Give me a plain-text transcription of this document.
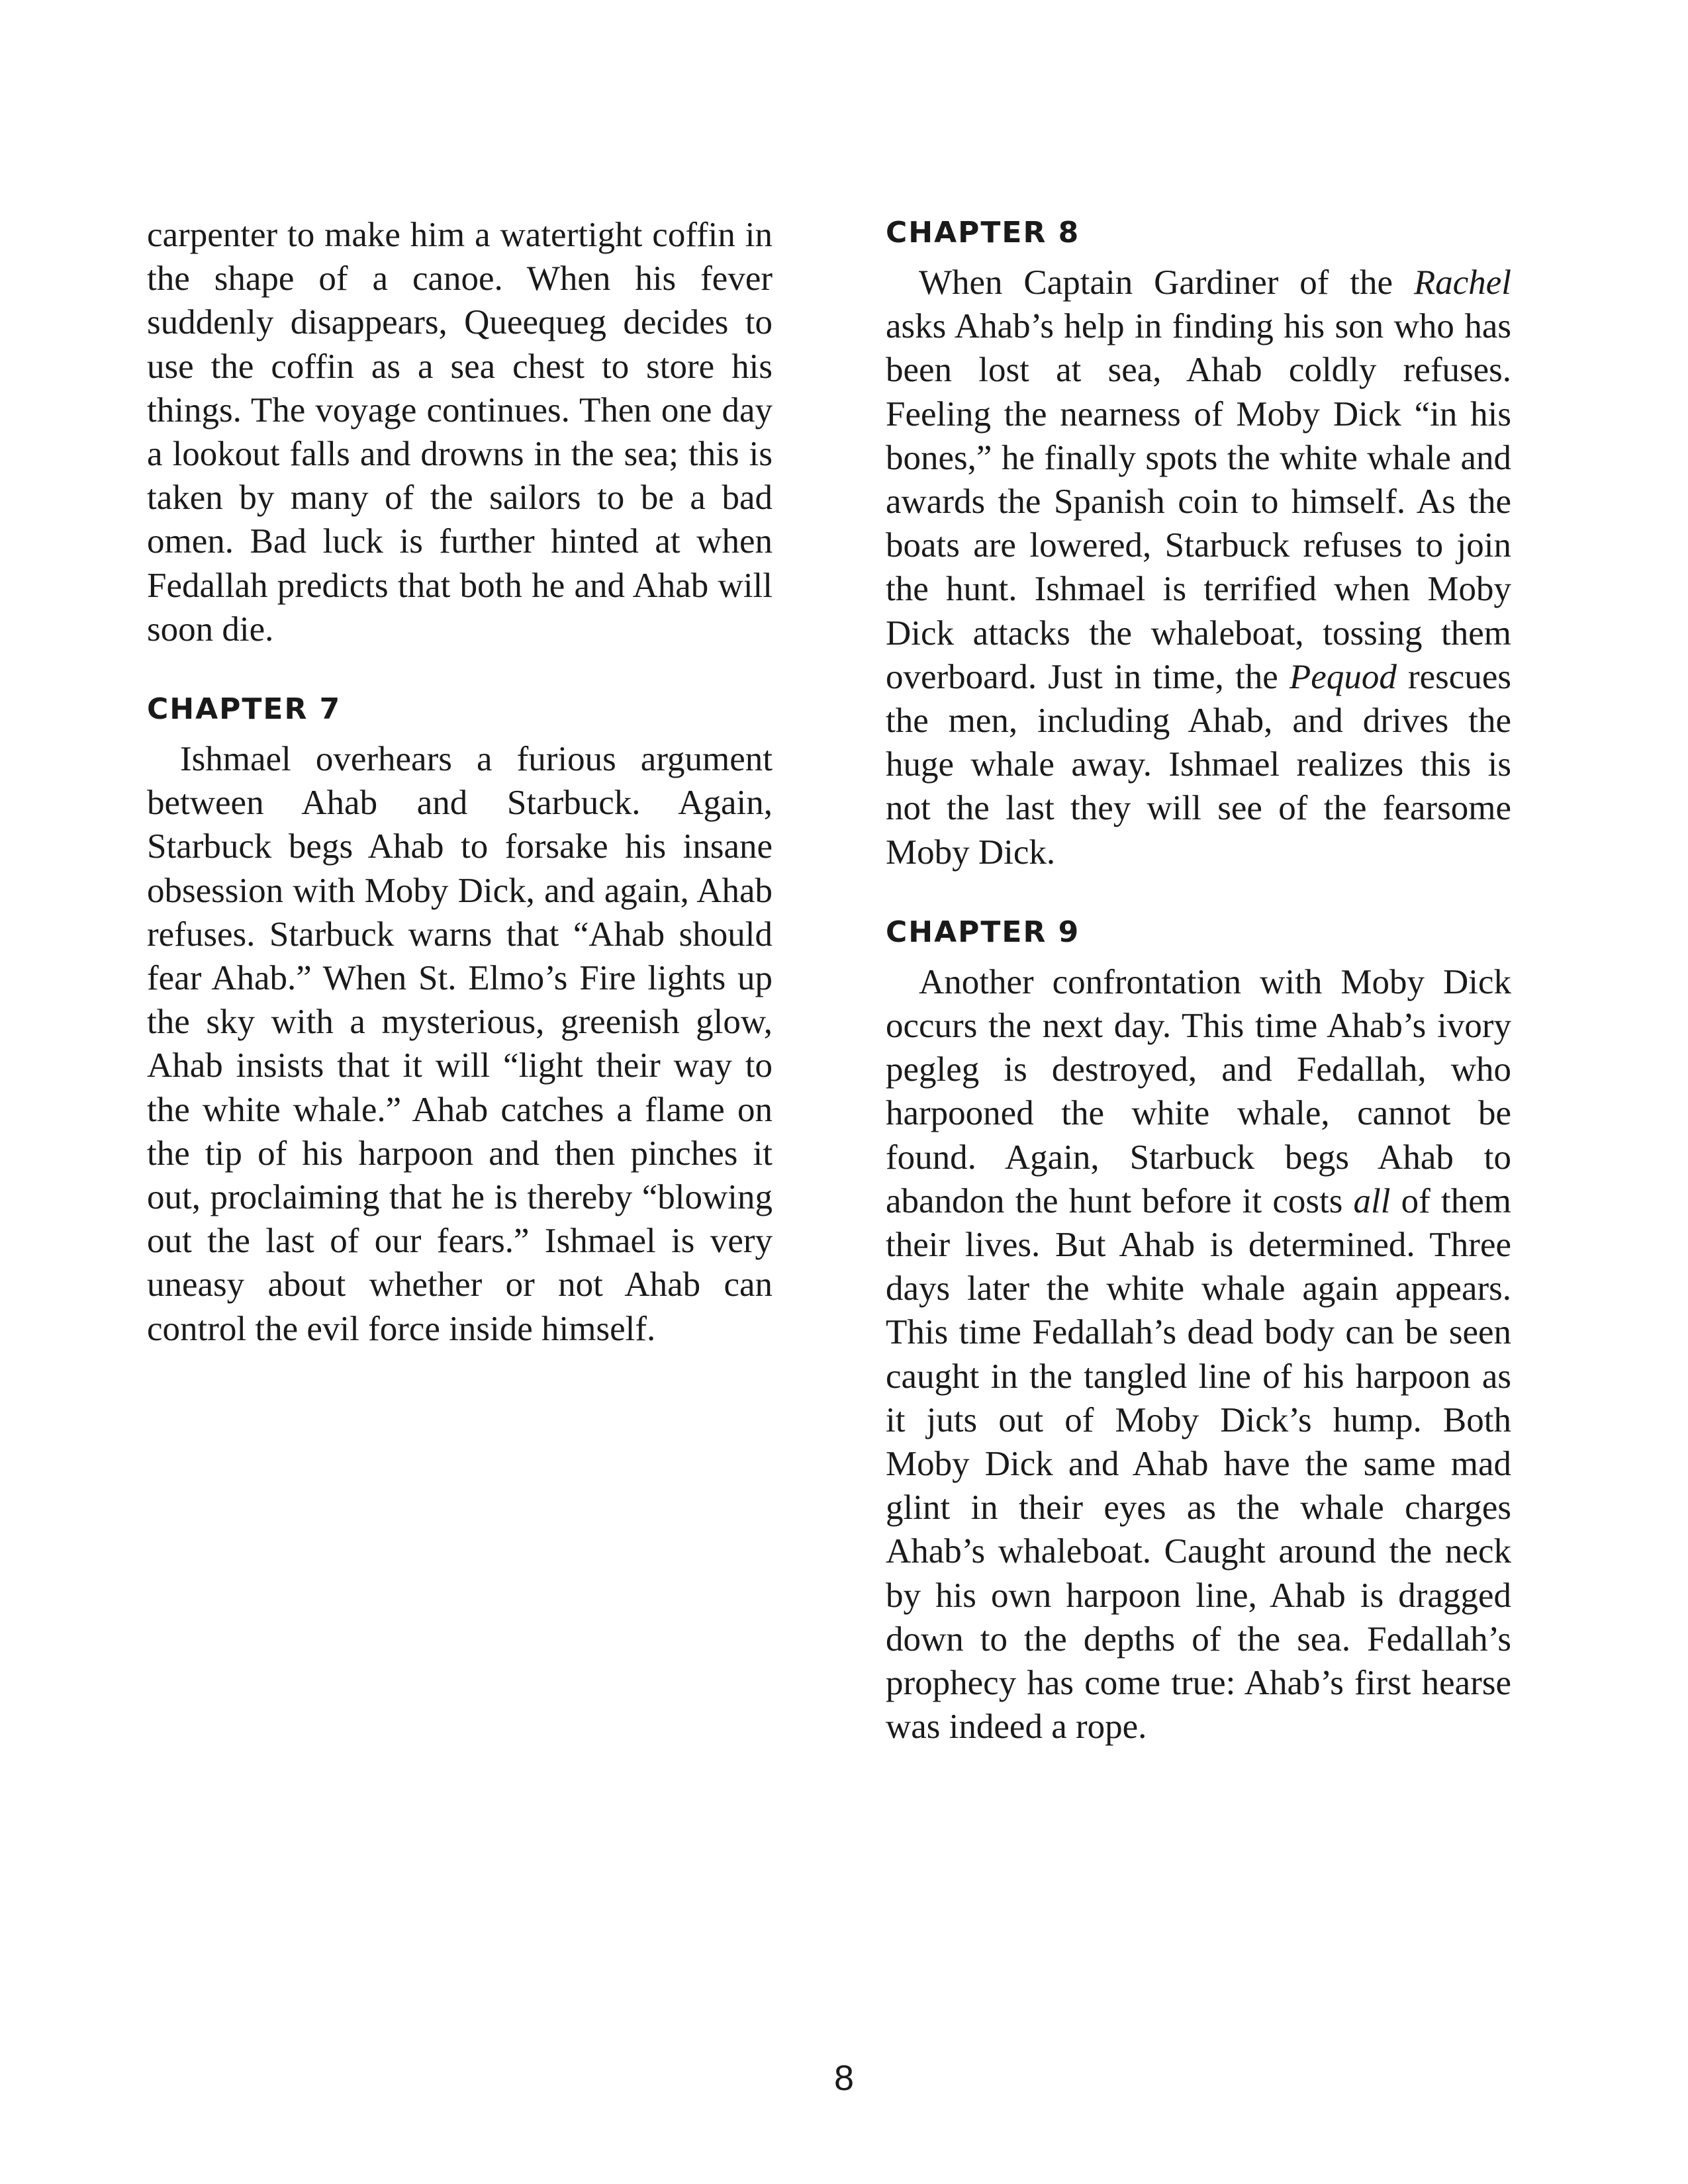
carpenter to make him a watertight coffin in the shape of a canoe. When his fever suddenly disappears, Queequeg decides to use the coffin as a sea chest to store his things. The voyage continues. Then one day a lookout falls and drowns in the sea; this is taken by many of the sailors to be a bad omen. Bad luck is further hinted at when Fedallah predicts that both he and Ahab will soon die.

CHAPTER 7

Ishmael overhears a furious argument between Ahab and Starbuck. Again, Starbuck begs Ahab to forsake his insane obsession with Moby Dick, and again, Ahab refuses. Starbuck warns that “Ahab should fear Ahab.” When St. Elmo’s Fire lights up the sky with a mysterious, greenish glow, Ahab insists that it will “light their way to the white whale.” Ahab catches a flame on the tip of his harpoon and then pinches it out, proclaiming that he is thereby “blowing out the last of our fears.” Ishmael is very uneasy about whether or not Ahab can control the evil force inside himself.

CHAPTER 8

When Captain Gardiner of the Rachel asks Ahab’s help in finding his son who has been lost at sea, Ahab coldly refuses. Feeling the nearness of Moby Dick “in his bones,” he finally spots the white whale and awards the Spanish coin to himself. As the boats are lowered, Starbuck refuses to join the hunt. Ishmael is terrified when Moby Dick attacks the whaleboat, tossing them overboard. Just in time, the Pequod rescues the men, including Ahab, and drives the huge whale away. Ishmael realizes this is not the last they will see of the fearsome Moby Dick.

CHAPTER 9

Another confrontation with Moby Dick occurs the next day. This time Ahab’s ivory pegleg is destroyed, and Fedallah, who harpooned the white whale, cannot be found. Again, Starbuck begs Ahab to abandon the hunt before it costs all of them their lives. But Ahab is determined. Three days later the white whale again appears. This time Fedallah’s dead body can be seen caught in the tangled line of his harpoon as it juts out of Moby Dick’s hump. Both Moby Dick and Ahab have the same mad glint in their eyes as the whale charges Ahab’s whaleboat. Caught around the neck by his own harpoon line, Ahab is dragged down to the depths of the sea. Fedallah’s prophecy has come true: Ahab’s first hearse was indeed a rope.

8
